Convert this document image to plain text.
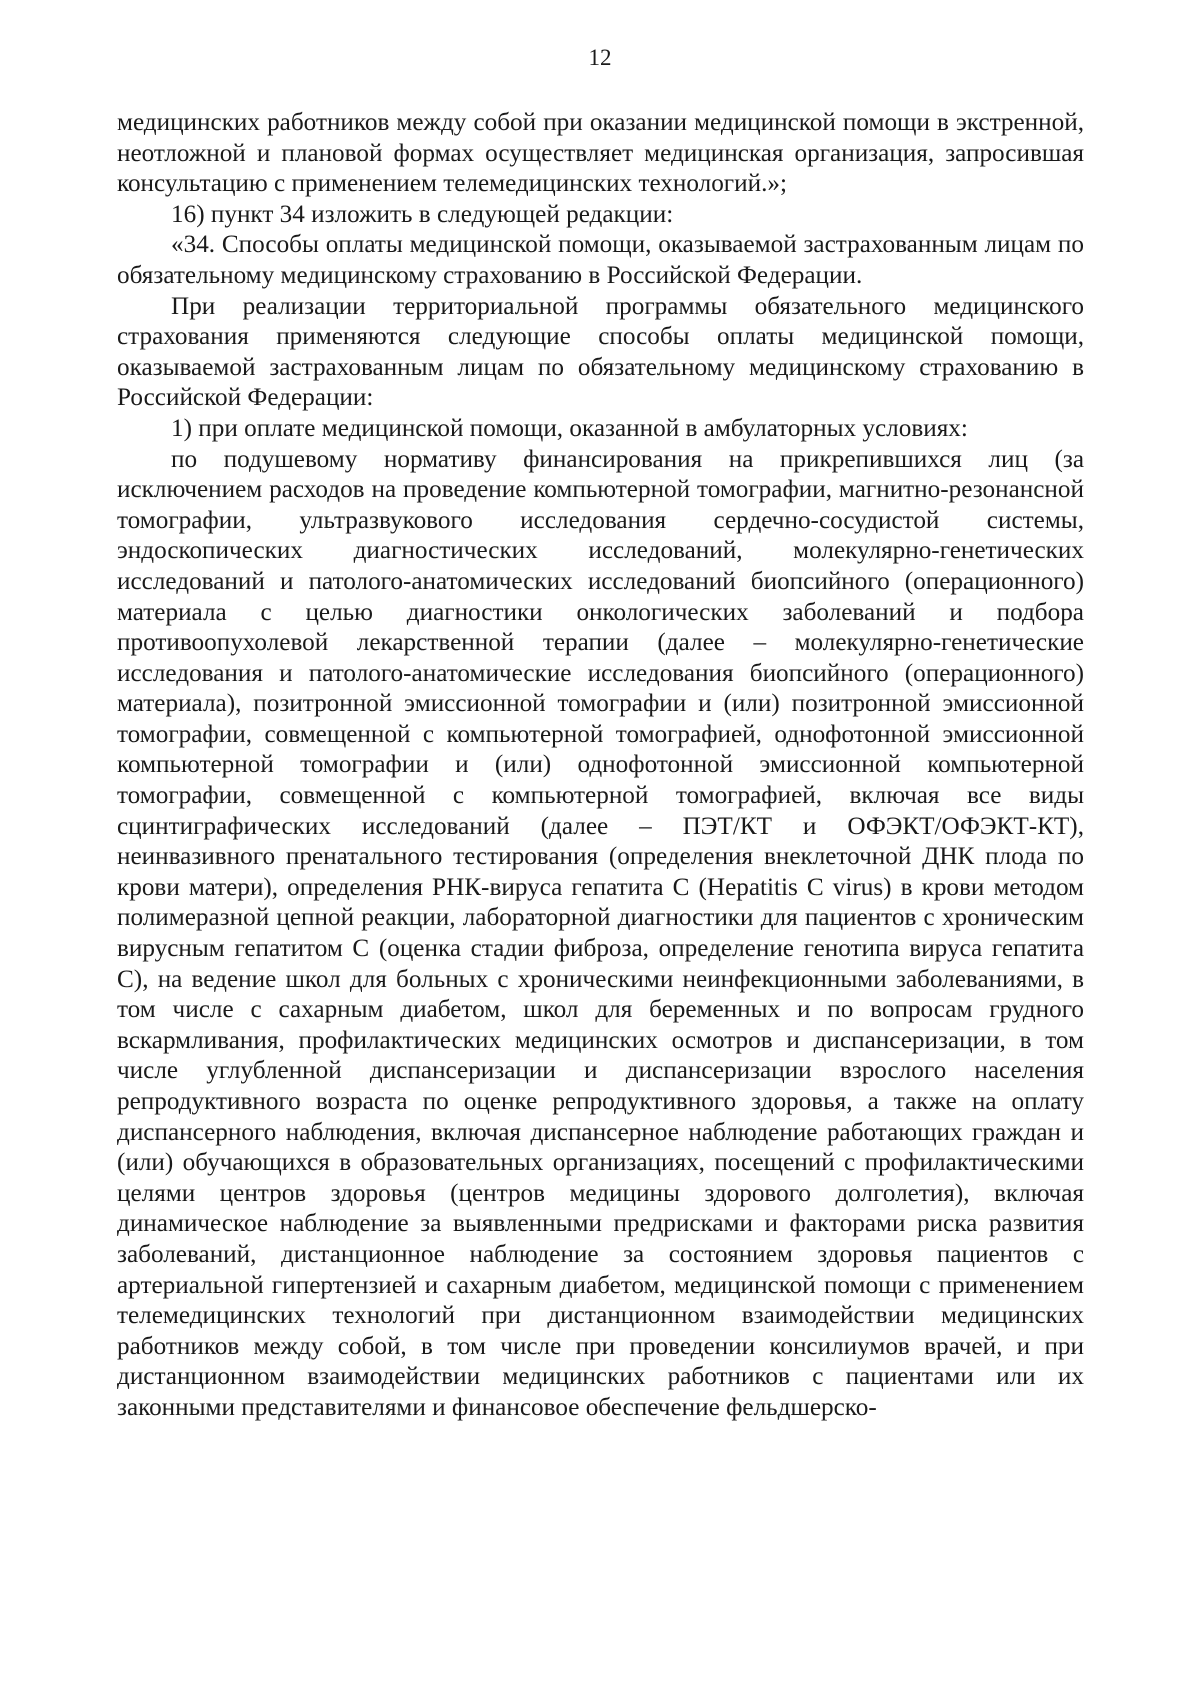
12

медицинских работников между собой при оказании медицинской помощи в экстренной, неотложной и плановой формах осуществляет медицинская организация, запросившая консультацию с применением телемедицинских технологий.»;

16) пункт 34 изложить в следующей редакции:

«34. Способы оплаты медицинской помощи, оказываемой застрахованным лицам по обязательному медицинскому страхованию в Российской Федерации.

При реализации территориальной программы обязательного медицинского страхования применяются следующие способы оплаты медицинской помощи, оказываемой застрахованным лицам по обязательному медицинскому страхованию в Российской Федерации:

1) при оплате медицинской помощи, оказанной в амбулаторных условиях:

по подушевому нормативу финансирования на прикрепившихся лиц (за исключением расходов на проведение компьютерной томографии, магнитно-резонансной томографии, ультразвукового исследования сердечно-сосудистой системы, эндоскопических диагностических исследований, молекулярно-генетических исследований и патолого-анатомических исследований биопсийного (операционного) материала с целью диагностики онкологических заболеваний и подбора противоопухолевой лекарственной терапии (далее – молекулярно-генетические исследования и патолого-анатомические исследования биопсийного (операционного) материала), позитронной эмиссионной томографии и (или) позитронной эмиссионной томографии, совмещенной с компьютерной томографией, однофотонной эмиссионной компьютерной томографии и (или) однофотонной эмиссионной компьютерной томографии, совмещенной с компьютерной томографией, включая все виды сцинтиграфических исследований (далее – ПЭТ/КТ и ОФЭКТ/ОФЭКТ-КТ), неинвазивного пренатального тестирования (определения внеклеточной ДНК плода по крови матери), определения РНК-вируса гепатита С (Hepatitis C virus) в крови методом полимеразной цепной реакции, лабораторной диагностики для пациентов с хроническим вирусным гепатитом С (оценка стадии фиброза, определение генотипа вируса гепатита С), на ведение школ для больных с хроническими неинфекционными заболеваниями, в том числе с сахарным диабетом, школ для беременных и по вопросам грудного вскармливания, профилактических медицинских осмотров и диспансеризации, в том числе углубленной диспансеризации и диспансеризации взрослого населения репродуктивного возраста по оценке репродуктивного здоровья, а также на оплату диспансерного наблюдения, включая диспансерное наблюдение работающих граждан и (или) обучающихся в образовательных организациях, посещений с профилактическими целями центров здоровья (центров медицины здорового долголетия), включая динамическое наблюдение за выявленными предрисками и факторами риска развития заболеваний, дистанционное наблюдение за состоянием здоровья пациентов с артериальной гипертензией и сахарным диабетом, медицинской помощи с применением телемедицинских технологий при дистанционном взаимодействии медицинских работников между собой, в том числе при проведении консилиумов врачей, и при дистанционном взаимодействии медицинских работников с пациентами или их законными представителями и финансовое обеспечение фельдшерско-
